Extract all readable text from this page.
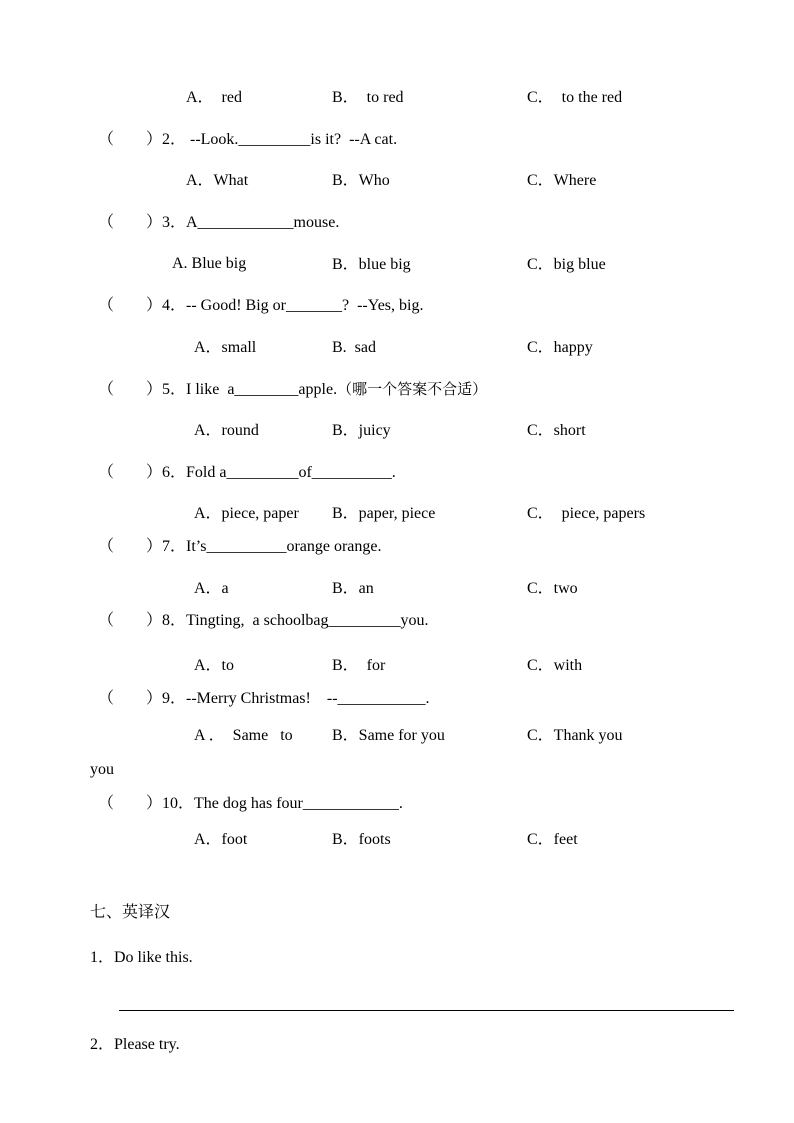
A．  red	B．  to red	C．  to the red
（　　）2． --Look._________is it?  --A cat.
A．What	B．Who	C．Where
（　　）3．A____________mouse.
A. Blue big	B．blue big	C．big blue
（　　）4．-- Good! Big or_______?  --Yes, big.
A．small	B.  sad	C．happy
（　　）5．I like  a________apple.（哪一个答案不合适）
A．round	B．juicy	C．short
（　　）6．Fold a_________of__________.
A．piece, paper B．paper, piece	C．  piece, papers
（　　）7．It’s__________orange orange.
A．a	B．an	C．two
（　　）8．Tingting,  a schoolbag_________you.
A．to	B．  for	C．with
（　　）9．--Merry Christmas!    --___________.
A ．  Same   to B．Same for you	C．Thank you
you
（　　）10．The dog has four____________.
A．foot	B．foots	C．feet
七、英译汉
1．Do like this.
2．Please try.
